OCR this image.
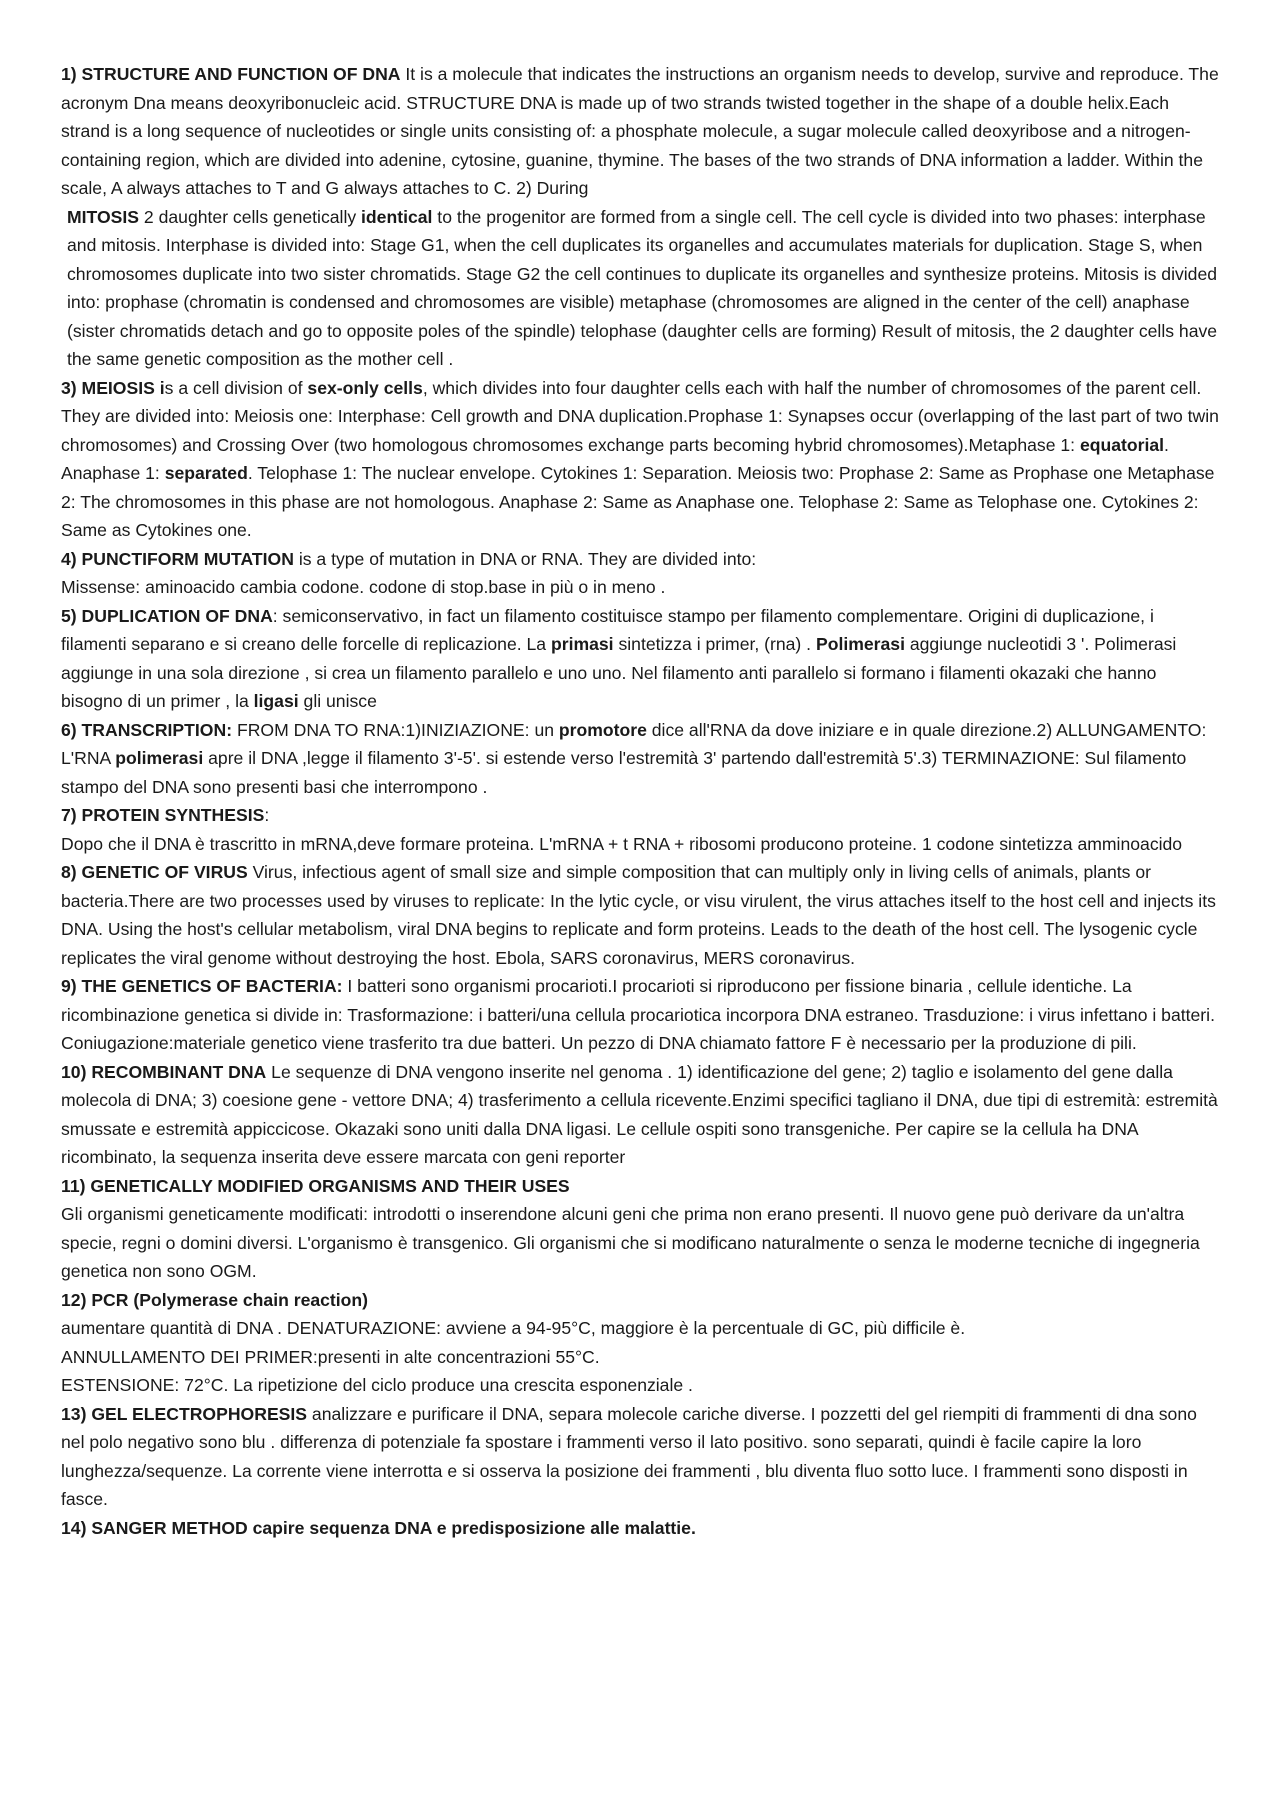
1) STRUCTURE AND FUNCTION OF DNA It is a molecule that indicates the instructions an organism needs to develop, survive and reproduce. The acronym Dna means deoxyribonucleic acid. STRUCTURE DNA is made up of two strands twisted together in the shape of a double helix.Each strand is a long sequence of nucleotides or single units consisting of: a phosphate molecule, a sugar molecule called deoxyribose and a nitrogen-containing region, which are divided into adenine, cytosine, guanine, thymine. The bases of the two strands of DNA information a ladder. Within the scale, A always attaches to T and G always attaches to C. 2) During

MITOSIS 2 daughter cells genetically identical to the progenitor are formed from a single cell. The cell cycle is divided into two phases: interphase and mitosis. Interphase is divided into: Stage G1, when the cell duplicates its organelles and accumulates materials for duplication. Stage S, when chromosomes duplicate into two sister chromatids. Stage G2 the cell continues to duplicate its organelles and synthesize proteins. Mitosis is divided into: prophase (chromatin is condensed and chromosomes are visible) metaphase (chromosomes are aligned in the center of the cell) anaphase (sister chromatids detach and go to opposite poles of the spindle) telophase (daughter cells are forming) Result of mitosis, the 2 daughter cells have the same genetic composition as the mother cell .

3) MEIOSIS is a cell division of sex-only cells, which divides into four daughter cells each with half the number of chromosomes of the parent cell. They are divided into: Meiosis one: Interphase: Cell growth and DNA duplication.Prophase 1: Synapses occur (overlapping of the last part of two twin chromosomes) and Crossing Over (two homologous chromosomes exchange parts becoming hybrid chromosomes).Metaphase 1: equatorial. Anaphase 1: separated. Telophase 1: The nuclear envelope. Cytokines 1: Separation. Meiosis two: Prophase 2: Same as Prophase one Metaphase 2: The chromosomes in this phase are not homologous. Anaphase 2: Same as Anaphase one. Telophase 2: Same as Telophase one. Cytokines 2: Same as Cytokines one.

4) PUNCTIFORM MUTATION is a type of mutation in DNA or RNA. They are divided into:
Missense: aminoacido cambia codone. codone di stop.base in più o in meno .

5) DUPLICATION OF DNA: semiconservativo, in fact un filamento costituisce stampo per filamento complementare. Origini di duplicazione, i filamenti separano e si creano delle forcelle di replicazione. La primasi sintetizza i primer, (rna) . Polimerasi aggiunge nucleotidi 3 '. Polimerasi aggiunge in una sola direzione , si crea un filamento parallelo e uno uno. Nel filamento anti parallelo si formano i filamenti okazaki che hanno bisogno di un primer , la ligasi gli unisce

6) TRANSCRIPTION: FROM DNA TO RNA:1)INIZIAZIONE: un promotore dice all'RNA da dove iniziare e in quale direzione.2) ALLUNGAMENTO: L'RNA polimerasi apre il DNA ,legge il filamento 3'-5'. si estende verso l'estremità 3' partendo dall'estremità 5'.3) TERMINAZIONE: Sul filamento stampo del DNA sono presenti basi che interrompono .

7) PROTEIN SYNTHESIS:
Dopo che il DNA è trascritto in mRNA,deve formare proteina. L'mRNA + t RNA + ribosomi producono proteine. 1 codone sintetizza amminoacido

8) GENETIC OF VIRUS Virus, infectious agent of small size and simple composition that can multiply only in living cells of animals, plants or bacteria.There are two processes used by viruses to replicate: In the lytic cycle, or visu virulent, the virus attaches itself to the host cell and injects its DNA. Using the host's cellular metabolism, viral DNA begins to replicate and form proteins. Leads to the death of the host cell. The lysogenic cycle replicates the viral genome without destroying the host. Ebola, SARS coronavirus, MERS coronavirus.

9) THE GENETICS OF BACTERIA: I batteri sono organismi procarioti.I procarioti si riproducono per fissione binaria , cellule identiche. La ricombinazione genetica si divide in: Trasformazione: i batteri/una cellula procariotica incorpora DNA estraneo. Trasduzione: i virus infettano i batteri. Coniugazione:materiale genetico viene trasferito tra due batteri. Un pezzo di DNA chiamato fattore F è necessario per la produzione di pili.

10) RECOMBINANT DNA Le sequenze di DNA vengono inserite nel genoma . 1) identificazione del gene; 2) taglio e isolamento del gene dalla molecola di DNA; 3) coesione gene - vettore DNA; 4) trasferimento a cellula ricevente.Enzimi specifici tagliano il DNA, due tipi di estremità: estremità smussate e estremità appiccicose. Okazaki sono uniti dalla DNA ligasi. Le cellule ospiti sono transgeniche. Per capire se la cellula ha DNA ricombinato, la sequenza inserita deve essere marcata con geni reporter

11) GENETICALLY MODIFIED ORGANISMS AND THEIR USES
Gli organismi geneticamente modificati: introdotti o inserendone alcuni geni che prima non erano presenti. Il nuovo gene può derivare da un'altra specie, regni o domini diversi. L'organismo è transgenico. Gli organismi che si modificano naturalmente o senza le moderne tecniche di ingegneria genetica non sono OGM.

12) PCR (Polymerase chain reaction)
aumentare quantità di DNA . DENATURAZIONE: avviene a 94-95°C, maggiore è la percentuale di GC, più difficile è.
ANNULLAMENTO DEI PRIMER:presenti in alte concentrazioni 55°C.
ESTENSIONE: 72°C. La ripetizione del ciclo produce una crescita esponenziale .

13) GEL ELECTROPHORESIS analizzare e purificare il DNA, separa molecole cariche diverse. I pozzetti del gel riempiti di frammenti di dna sono nel polo negativo sono blu . differenza di potenziale fa spostare i frammenti verso il lato positivo. sono separati, quindi è facile capire la loro lunghezza/sequenze. La corrente viene interrotta e si osserva la posizione dei frammenti , blu diventa fluo sotto luce. I frammenti sono disposti in fasce.

14) SANGER METHOD capire sequenza DNA e predisposizione alle malattie.
